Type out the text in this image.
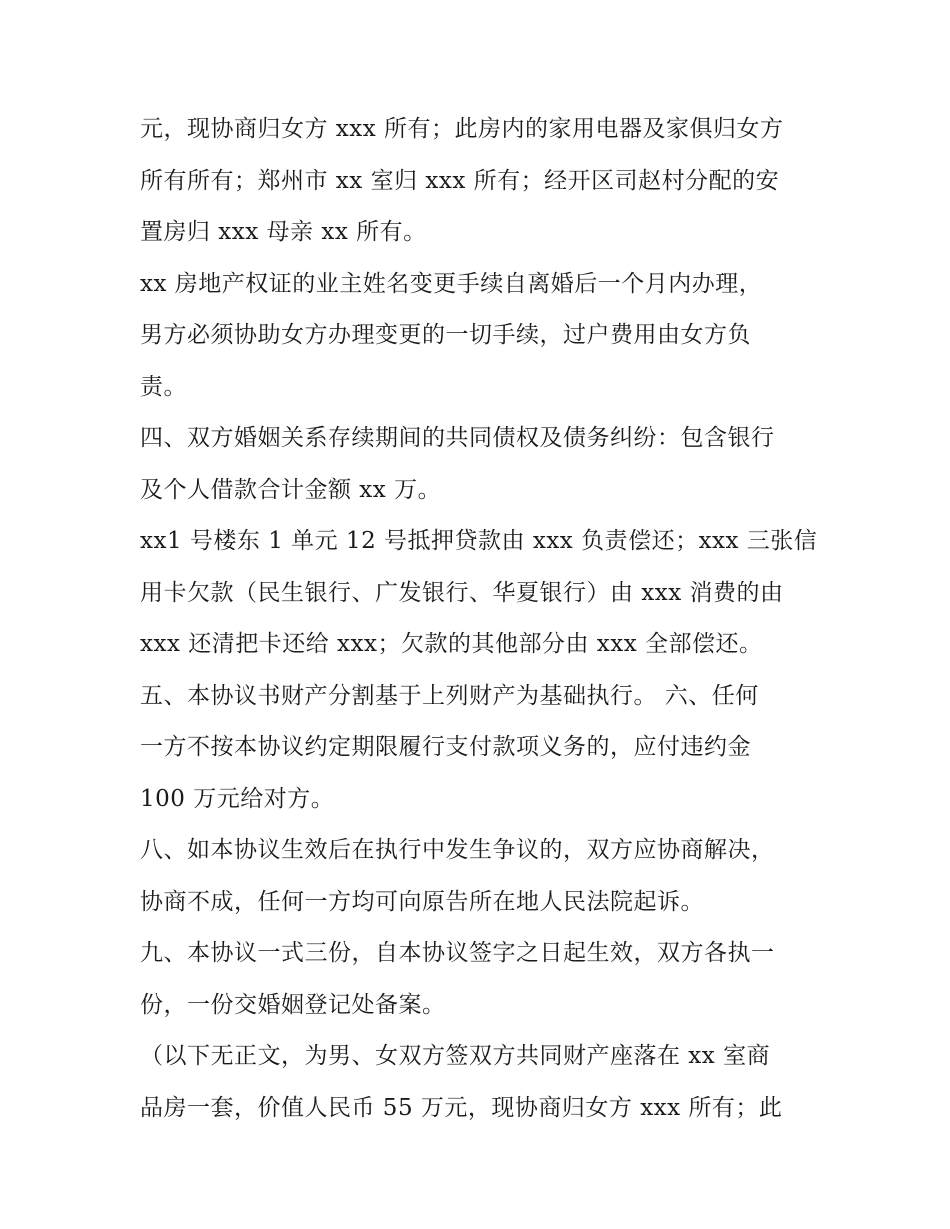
元，现协商归女方 xxx 所有；此房内的家用电器及家俱归女方
所有所有；郑州市 xx 室归 xxx 所有；经开区司赵村分配的安
置房归 xxx 母亲 xx 所有。
xx 房地产权证的业主姓名变更手续自离婚后一个月内办理，
男方必须协助女方办理变更的一切手续，过户费用由女方负
责。
四、双方婚姻关系存续期间的共同债权及债务纠纷：包含银行
及个人借款合计金额 xx 万。
xx1 号楼东 1 单元 12 号抵押贷款由 xxx 负责偿还；xxx 三张信
用卡欠款（民生银行、广发银行、华夏银行）由 xxx 消费的由
xxx 还清把卡还给 xxx；欠款的其他部分由 xxx 全部偿还。
五、本协议书财产分割基于上列财产为基础执行。 六、任何
一方不按本协议约定期限履行支付款项义务的，应付违约金
100 万元给对方。
八、如本协议生效后在执行中发生争议的，双方应协商解决，
协商不成，任何一方均可向原告所在地人民法院起诉。
九、本协议一式三份，自本协议签字之日起生效，双方各执一
份，一份交婚姻登记处备案。
（以下无正文，为男、女双方签双方共同财产座落在 xx 室商
品房一套，价值人民币 55 万元，现协商归女方 xxx 所有；此
